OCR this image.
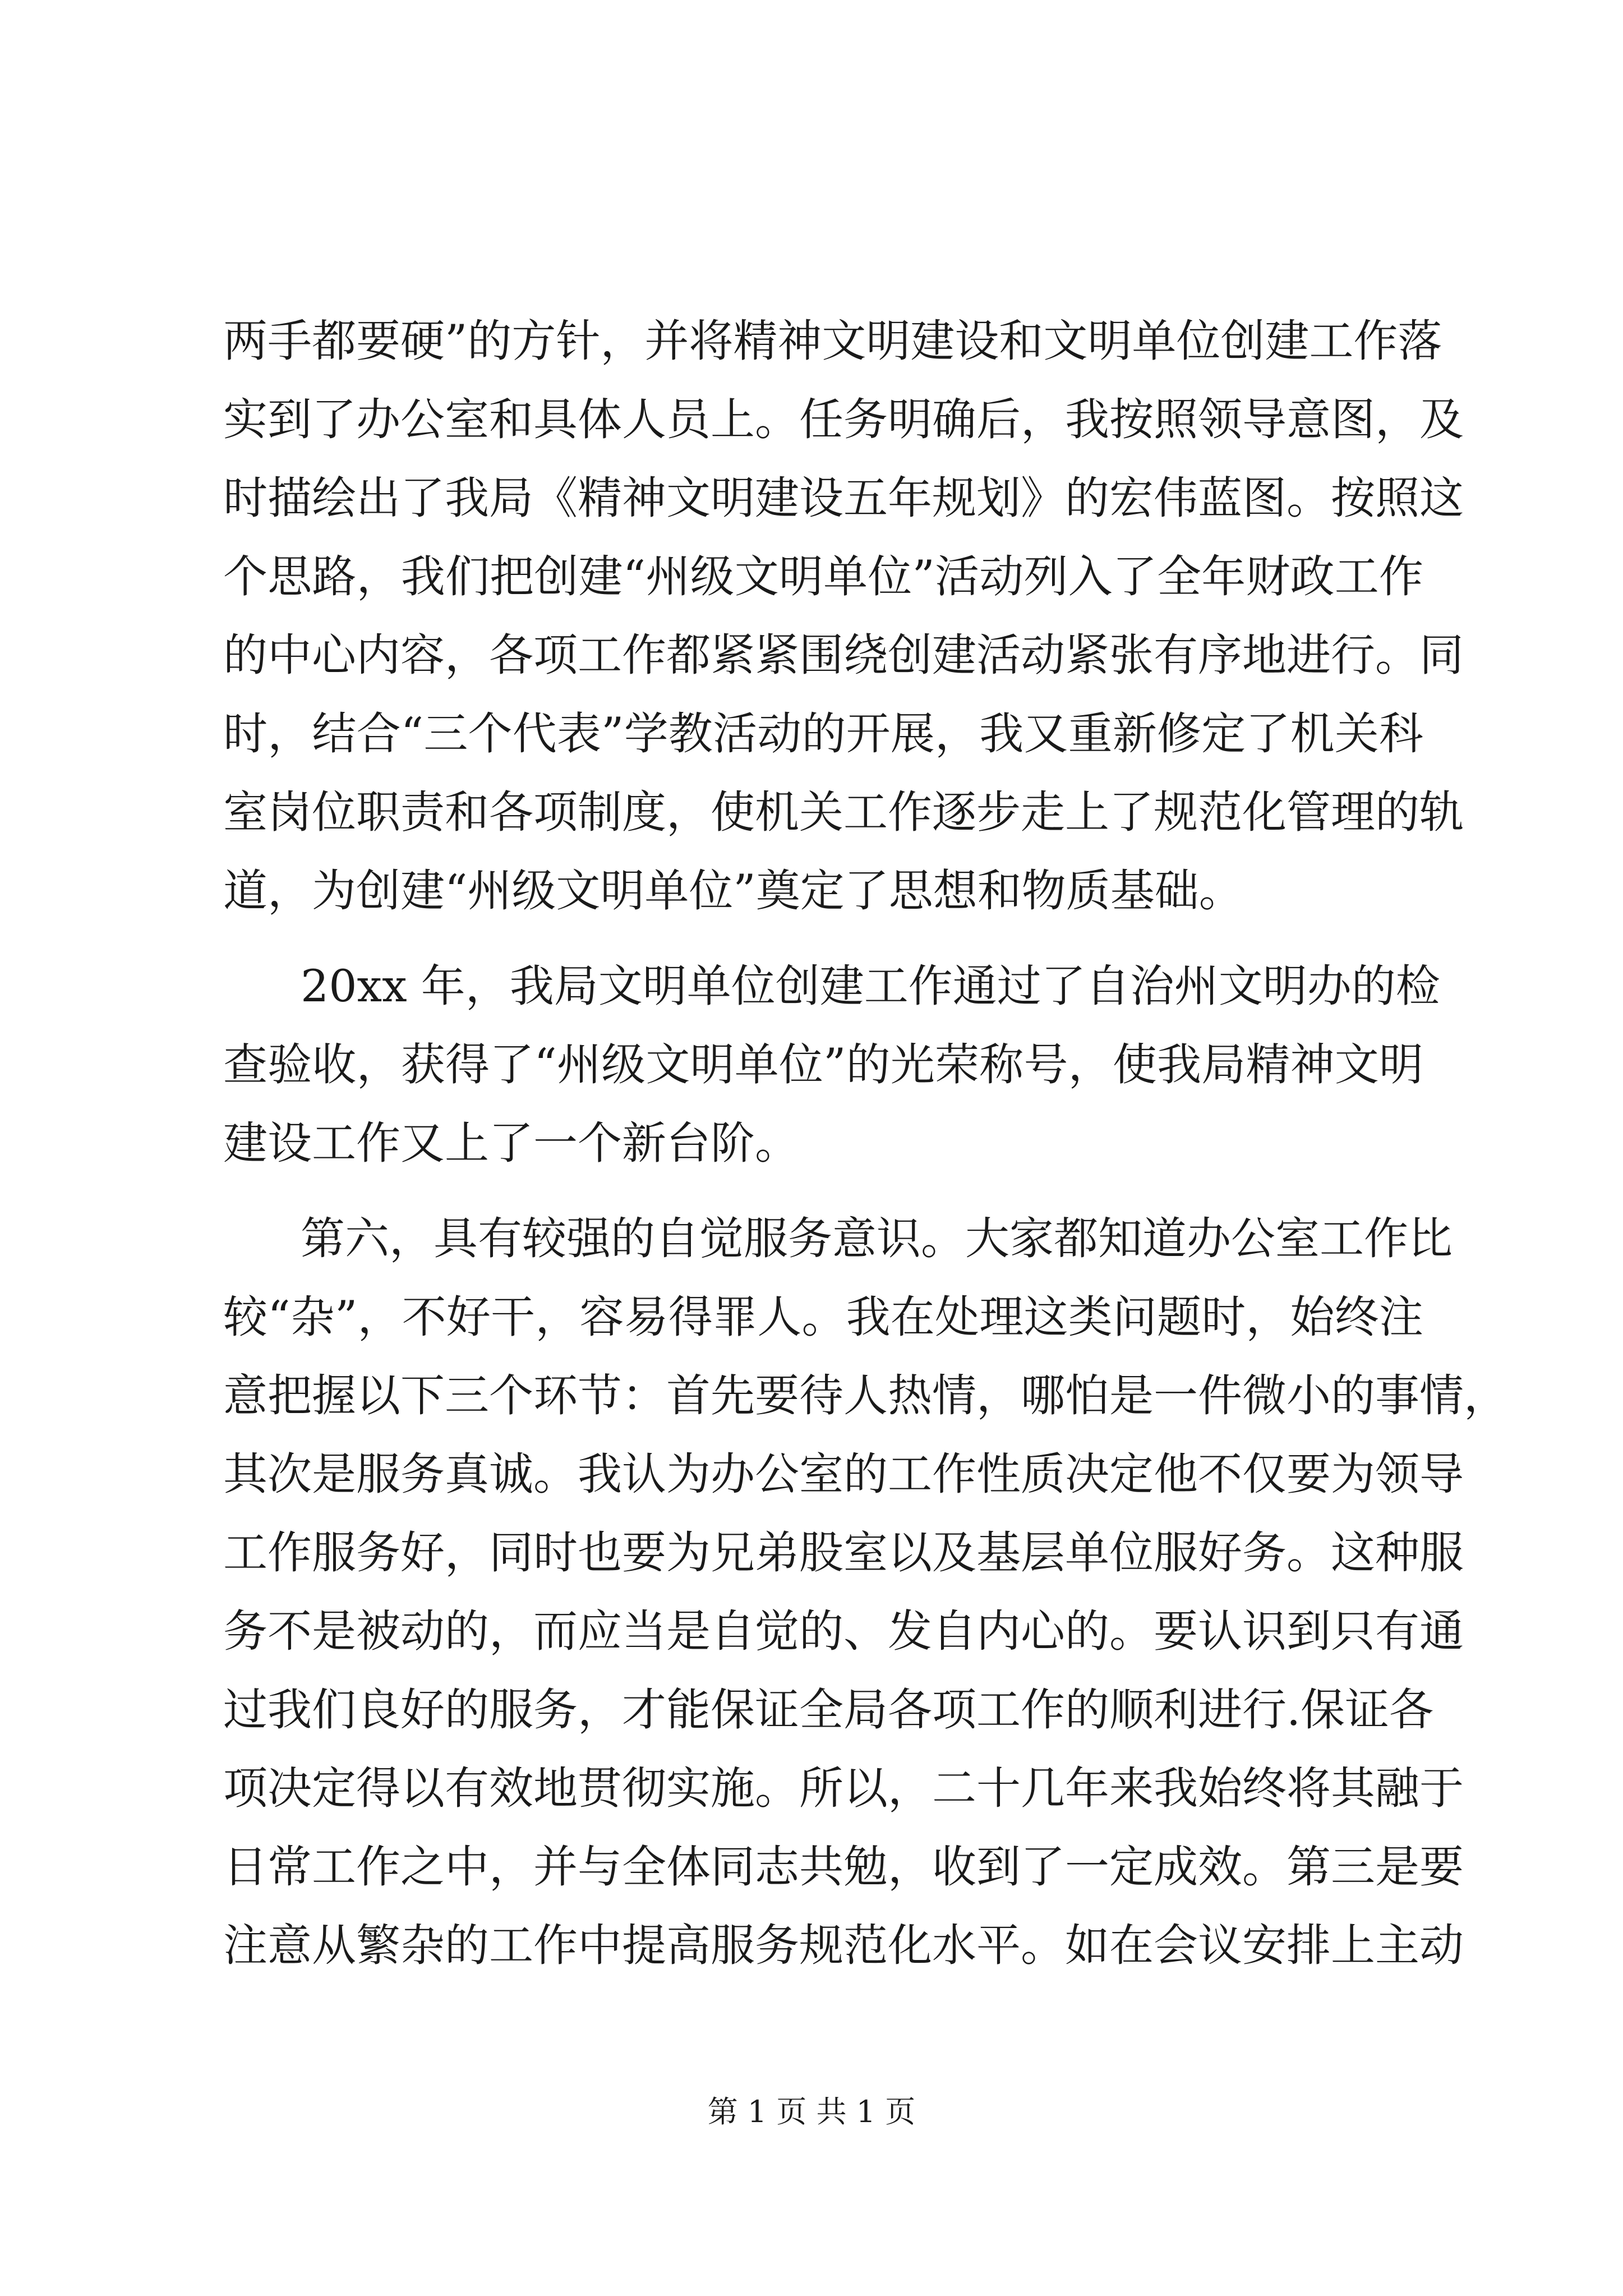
两手都要硬”的方针，并将精神文明建设和文明单位创建工作落
实到了办公室和具体人员上。任务明确后，我按照领导意图，及
时描绘出了我局《精神文明建设五年规划》的宏伟蓝图。按照这
个思路，我们把创建“州级文明单位”活动列入了全年财政工作
的中心内容，各项工作都紧紧围绕创建活动紧张有序地进行。同
时，结合“三个代表”学教活动的开展，我又重新修定了机关科
室岗位职责和各项制度，使机关工作逐步走上了规范化管理的轨
道，为创建“州级文明单位”奠定了思想和物质基础。
20xx 年，我局文明单位创建工作通过了自治州文明办的检
查验收，获得了“州级文明单位”的光荣称号，使我局精神文明
建设工作又上了一个新台阶。
第六，具有较强的自觉服务意识。大家都知道办公室工作比
较“杂”，不好干，容易得罪人。我在处理这类问题时，始终注
意把握以下三个环节：首先要待人热情，哪怕是一件微小的事情，
其次是服务真诚。我认为办公室的工作性质决定他不仅要为领导
工作服务好，同时也要为兄弟股室以及基层单位服好务。这种服
务不是被动的，而应当是自觉的、发自内心的。要认识到只有通
过我们良好的服务，才能保证全局各项工作的顺利进行.保证各
项决定得以有效地贯彻实施。所以，二十几年来我始终将其融于
日常工作之中，并与全体同志共勉，收到了一定成效。第三是要
注意从繁杂的工作中提高服务规范化水平。如在会议安排上主动
第 1 页 共 1 页
